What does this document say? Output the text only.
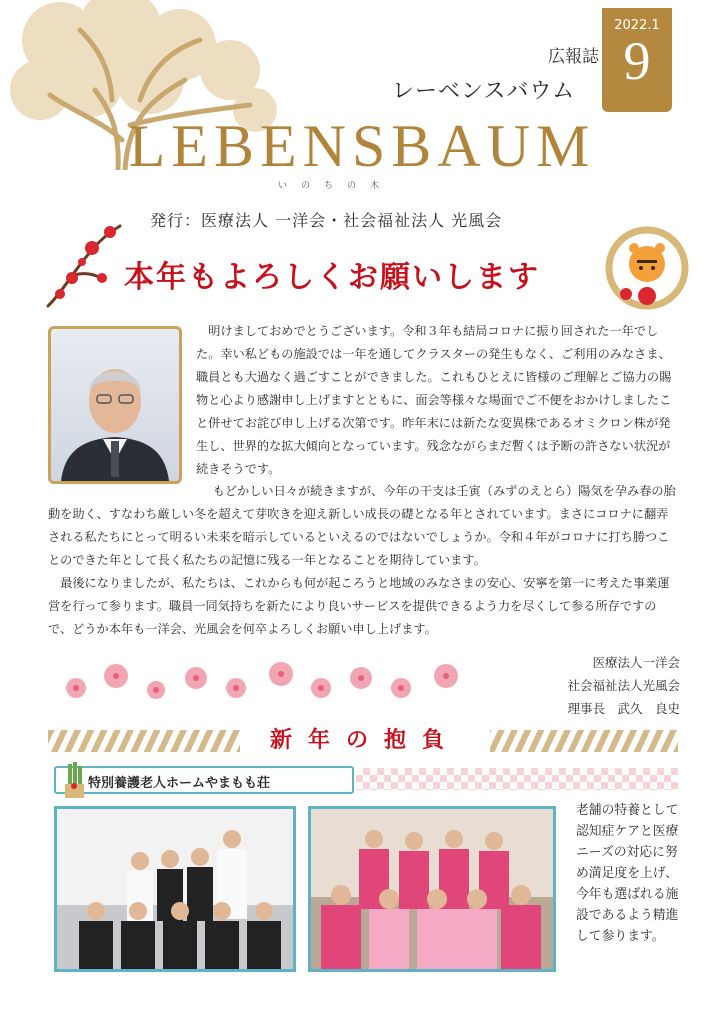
2022.1
9
広報誌
レーベンスバウム
LEBENSBAUM
いのちの木
発行：医療法人 一洋会・社会福祉法人 光風会
本年もよろしくお願いします
明けましておめでとうございます。令和３年も結局コロナに振り回された一年でした。幸い私どもの施設では一年を通してクラスターの発生もなく、ご利用のみなさま、職員とも大過なく過ごすことができました。これもひとえに皆様のご理解とご協力の賜物と心より感謝申し上げますとともに、面会等様々な場面でご不便をおかけしましたこと併せてお詫び申し上げる次第です。昨年末には新たな変異株であるオミクロン株が発生し、世界的な拡大傾向となっています。残念ながらまだ暫くは予断の許さない状況が続きそうです。
もどかしい日々が続きますが、今年の干支は壬寅（みずのえとら）陽気を孕み春の胎動を助く、すなわち厳しい冬を超えて芽吹きを迎え新しい成長の礎となる年とされています。まさにコロナに翻弄される私たちにとって明るい未来を暗示しているといえるのではないでしょうか。令和４年がコロナに打ち勝つことのできた年として長く私たちの記憶に残る一年となることを期待しています。
最後になりましたが、私たちは、これからも何が起ころうと地域のみなさまの安心、安寧を第一に考えた事業運営を行って参ります。職員一同気持ちを新たにより良いサービスを提供できるよう力を尽くして参る所存ですので、どうか本年も一洋会、光風会を何卒よろしくお願い申し上げます。
医療法人一洋会
社会福祉法人光風会
理事長　武久　良史
新年の抱負
特別養護老人ホームやまもも荘
老舗の特養として認知症ケアと医療ニーズの対応に努め満足度を上げ、今年も選ばれる施設であるよう精進して参ります。
